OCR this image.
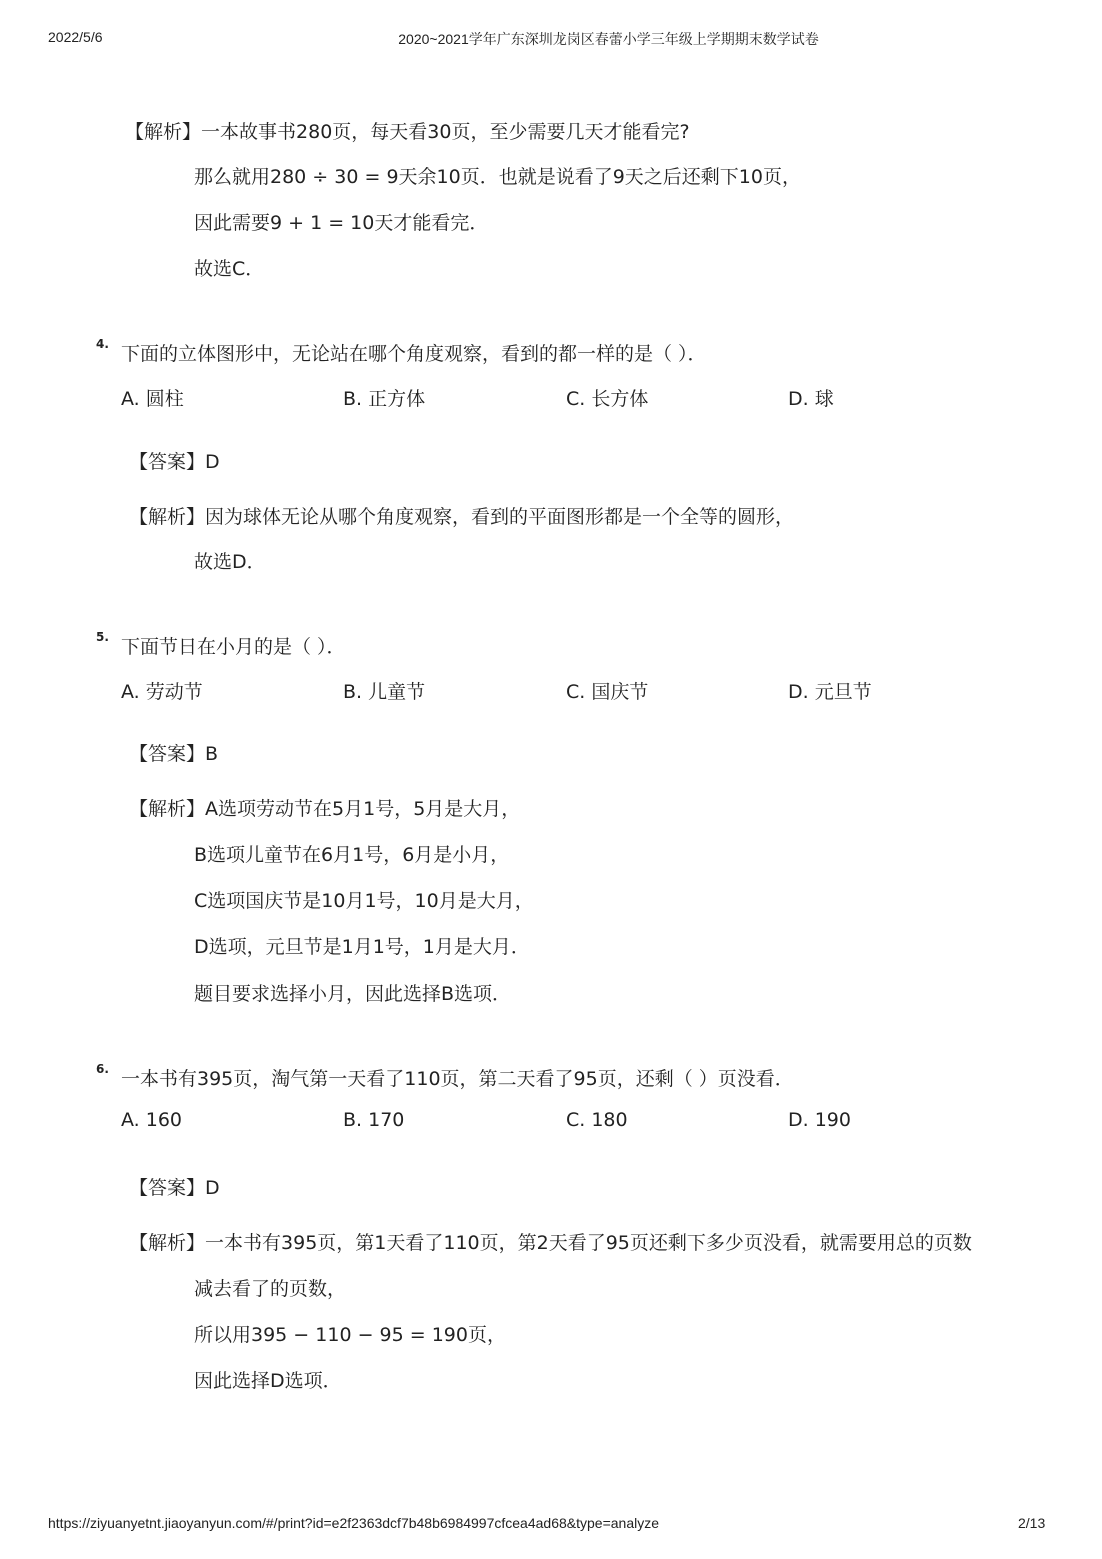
2022/5/6	2020~2021学年广东深圳龙岗区春蕾小学三年级上学期期末数学试卷
【解析】一本故事书280页，每天看30页，至少需要几天才能看完?
那么就用280 ÷ 30 = 9天余10页．也就是说看了9天之后还剩下10页，
因此需要9 + 1 = 10天才能看完．
故选C．
4. 下面的立体图形中，无论站在哪个角度观察，看到的都一样的是（ ）．
A. 圆柱	B. 正方体	C. 长方体	D. 球
【答案】D
【解析】因为球体无论从哪个角度观察，看到的平面图形都是一个全等的圆形，
故选D．
5. 下面节日在小月的是（ ）．
A. 劳动节	B. 儿童节	C. 国庆节	D. 元旦节
【答案】B
【解析】A选项劳动节在5月1号，5月是大月，
B选项儿童节在6月1号，6月是小月，
C选项国庆节是10月1号，10月是大月，
D选项，元旦节是1月1号，1月是大月．
题目要求选择小月，因此选择B选项．
6. 一本书有395页，淘气第一天看了110页，第二天看了95页，还剩（ ）页没看．
A. 160	B. 170	C. 180	D. 190
【答案】D
【解析】一本书有395页，第1天看了110页，第2天看了95页还剩下多少页没看，就需要用总的页数
减去看了的页数，
所以用395 − 110 − 95 = 190页，
因此选择D选项．
https://ziyuanyetnt.jiaoyanyun.com/#/print?id=e2f2363dcf7b48b6984997cfcea4ad68&type=analyze	2/13
